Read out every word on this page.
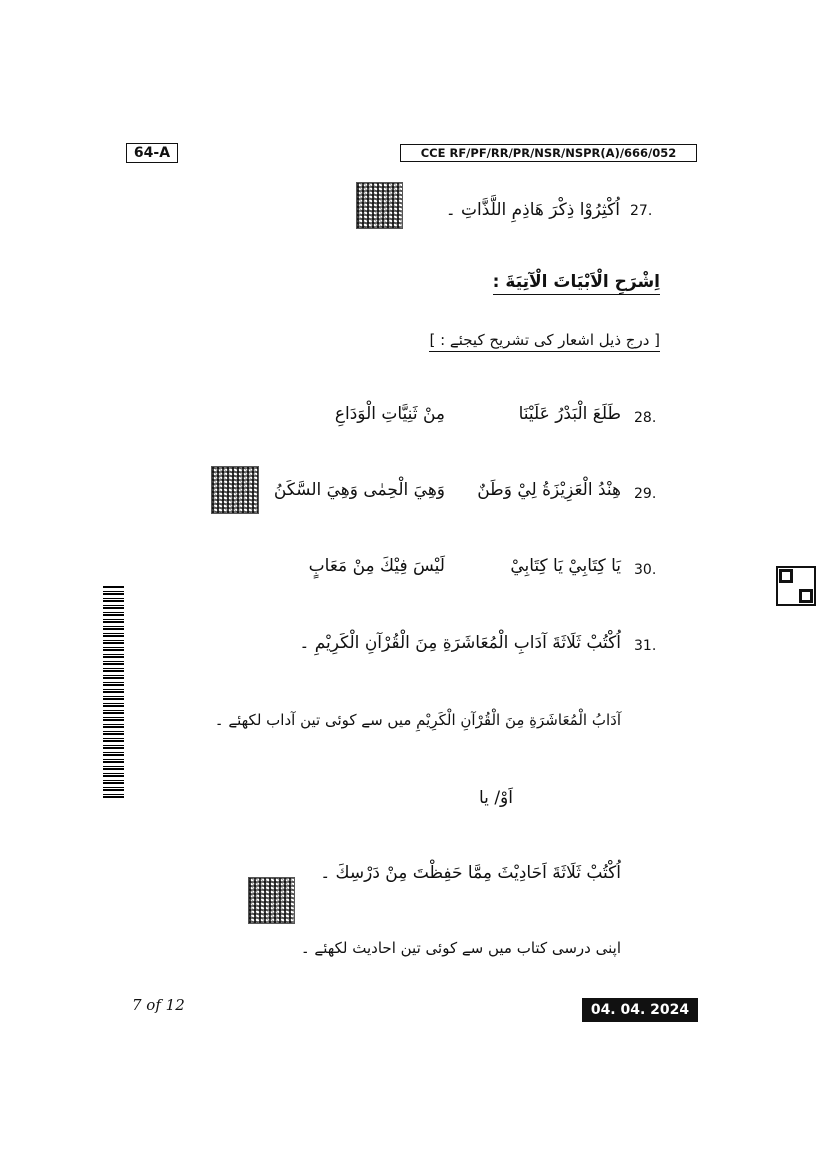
64-A	CCE RF/PF/RR/PR/NSR/NSPR(A)/666/052
27.
اُكْثِرُوْا ذِكْرَ هَاذِمِ اللَّذَّاتِ ۔
اِشْرَحِ الْاَبْيَاتَ الْآتِيَةَ :
[ درج ذیل اشعار کی تشریح کیجئے : ]
28.
طَلَعَ الْبَدْرُ عَلَيْنَا
مِنْ ثَنِيَّاتِ الْوَدَاعِ
29.
هِنْدُ الْعَزِيْزَةُ لِيْ وَطَنٌ
وَهِيَ الْحِمٰى وَهِيَ السَّكَنُ
30.
يَا كِتَابِيْ يَا كِتَابِيْ
لَيْسَ فِيْكَ مِنْ مَعَابٍ
31.
اُكْتُبْ ثَلَاثَةَ آدَابِ الْمُعَاشَرَةِ مِنَ الْقُرْآنِ الْكَرِيْمِ ۔
آدَابُ الْمُعَاشَرَةِ مِنَ الْقُرْآنِ الْكَرِيْمِ میں سے کوئی تین آداب لکھئے ۔
اَوْ/ یا
اُكْتُبْ ثَلَاثَةَ اَحَادِيْثَ مِمَّا حَفِظْتَ مِنْ دَرْسِكَ ۔
اپنی درسی کتاب میں سے کوئی تین احادیث لکھئے ۔
7 of 12	04. 04. 2024
